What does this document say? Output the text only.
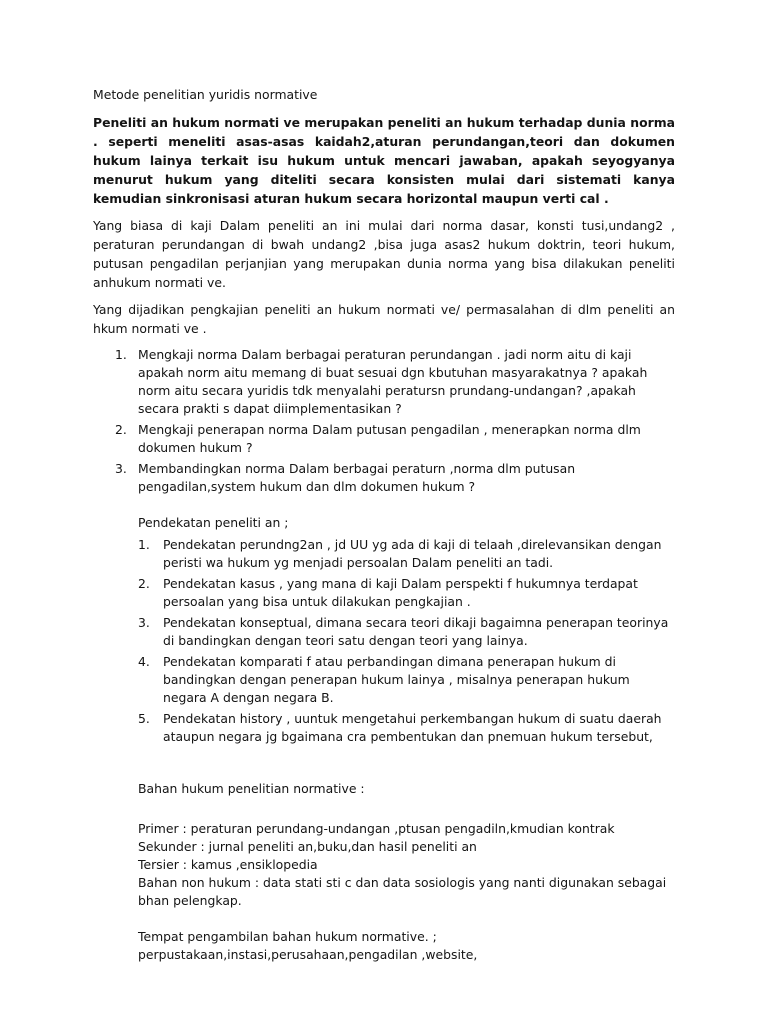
Metode penelitian yuridis normative

Peneliti an hukum normati ve merupakan peneliti an hukum terhadap dunia norma . seperti meneliti asas-asas kaidah2,aturan perundangan,teori dan dokumen hukum lainya terkait isu hukum untuk mencari jawaban, apakah seyogyanya menurut hukum yang diteliti secara konsisten mulai dari sistemati kanya kemudian sinkronisasi aturan hukum secara horizontal maupun verti cal .

Yang biasa di kaji Dalam peneliti an ini mulai dari norma dasar, konsti tusi,undang2 , peraturan perundangan di bwah undang2 ,bisa juga asas2 hukum doktrin, teori hukum, putusan pengadilan perjanjian yang merupakan dunia norma yang bisa dilakukan peneliti anhukum normati ve.

Yang dijadikan pengkajian peneliti an hukum normati ve/ permasalahan di dlm peneliti an hkum normati ve .

1. Mengkaji norma Dalam berbagai peraturan perundangan . jadi norm aitu di kaji apakah norm aitu memang di buat sesuai dgn kbutuhan masyarakatnya ? apakah norm aitu secara yuridis tdk menyalahi peratursn prundang-undangan? ,apakah secara prakti s dapat diimplementasikan ?
2. Mengkaji penerapan norma Dalam putusan pengadilan , menerapkan norma dlm dokumen hukum ?
3. Membandingkan norma Dalam berbagai peraturn ,norma dlm putusan pengadilan,system hukum dan dlm dokumen hukum ?
Pendekatan peneliti an ;
1. Pendekatan perundng2an , jd UU yg ada di kaji di telaah ,direlevansikan dengan peristi wa hukum yg menjadi persoalan Dalam peneliti an tadi.
2. Pendekatan kasus , yang mana di kaji Dalam perspekti f hukumnya terdapat persoalan yang bisa untuk dilakukan pengkajian .
3. Pendekatan konseptual, dimana secara teori dikaji bagaimna penerapan teorinya di bandingkan dengan teori satu dengan teori yang lainya.
4. Pendekatan komparati f atau perbandingan dimana penerapan hukum di bandingkan dengan penerapan hukum lainya , misalnya penerapan hukum negara A dengan negara B.
5. Pendekatan history , uuntuk mengetahui perkembangan hukum di suatu daerah ataupun negara jg bgaimana cra pembentukan dan pnemuan hukum tersebut,
Bahan hukum penelitian normative :

Primer : peraturan perundang-undangan ,ptusan pengadiln,kmudian kontrak

Sekunder : jurnal peneliti an,buku,dan hasil peneliti an

Tersier : kamus ,ensiklopedia

Bahan non hukum : data stati sti c dan data sosiologis yang nanti digunakan sebagai bhan pelengkap.

Tempat pengambilan bahan hukum normative. ;

perpustakaan,instasi,perusahaan,pengadilan ,website,
